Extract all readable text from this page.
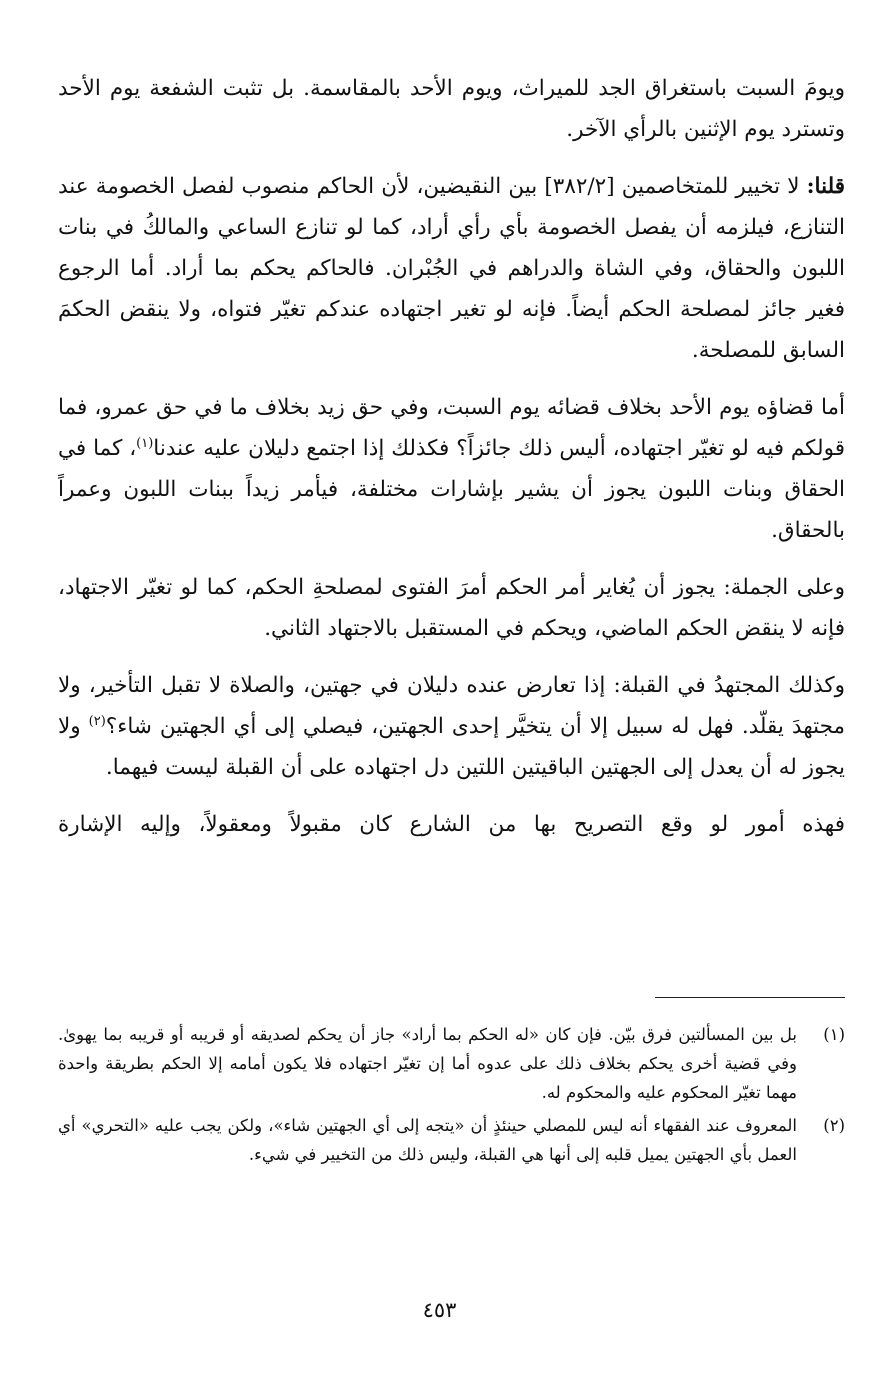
ويومَ السبت باستغراق الجد للميراث، ويوم الأحد بالمقاسمة. بل تثبت الشفعة يوم الأحد وتسترد يوم الإثنين بالرأي الآخر.

قلنا: لا تخيير للمتخاصمين [٣٨٢/٢] بين النقيضين، لأن الحاكم منصوب لفصل الخصومة عند التنازع، فيلزمه أن يفصل الخصومة بأي رأي أراد، كما لو تنازع الساعي والمالكُ في بنات اللبون والحقاق، وفي الشاة والدراهم في الجُبْران. فالحاكم يحكم بما أراد. أما الرجوع فغير جائز لمصلحة الحكم أيضاً. فإنه لو تغير اجتهاده عندكم تغيّر فتواه، ولا ينقض الحكمَ السابق للمصلحة.

أما قضاؤه يوم الأحد بخلاف قضائه يوم السبت، وفي حق زيد بخلاف ما في حق عمرو، فما قولكم فيه لو تغيّر اجتهاده، أليس ذلك جائزاً؟ فكذلك إذا اجتمع دليلان عليه عندنا$^{(١)}$، كما في الحقاق وبنات اللبون يجوز أن يشير بإشارات مختلفة، فيأمر زيداً ببنات اللبون وعمراً بالحقاق.

وعلى الجملة: يجوز أن يُغاير أمر الحكم أمرَ الفتوى لمصلحةِ الحكم، كما لو تغيّر الاجتهاد، فإنه لا ينقض الحكم الماضي، ويحكم في المستقبل بالاجتهاد الثاني.

وكذلك المجتهدُ في القبلة: إذا تعارض عنده دليلان في جهتين، والصلاة لا تقبل التأخير، ولا مجتهدَ يقلّد. فهل له سبيل إلا أن يتخيَّر إحدى الجهتين، فيصلي إلى أي الجهتين شاء؟$^{(٢)}$ ولا يجوز له أن يعدل إلى الجهتين الباقيتين اللتين دل اجتهاده على أن القبلة ليست فيهما.

فهذه أمور لو وقع التصريح بها من الشارع كان مقبولاً ومعقولاً، وإليه الإشارة

(١)
بل بين المسألتين فرق بيّن. فإن كان «له الحكم بما أراد» جاز أن يحكم لصديقه أو قريبه أو قريبه بما يهوىٰ. وفي قضية أخرى يحكم بخلاف ذلك على عدوه أما إن تغيّر اجتهاده فلا يكون أمامه إلا الحكم بطريقة واحدة مهما تغيّر المحكوم عليه والمحكوم له.
(٢)
المعروف عند الفقهاء أنه ليس للمصلي حينئذٍ أن «يتجه إلى أي الجهتين شاء»، ولكن يجب عليه «التحري» أي العمل بأي الجهتين يميل قلبه إلى أنها هي القبلة، وليس ذلك من التخيير في شيء.
٤٥٣
